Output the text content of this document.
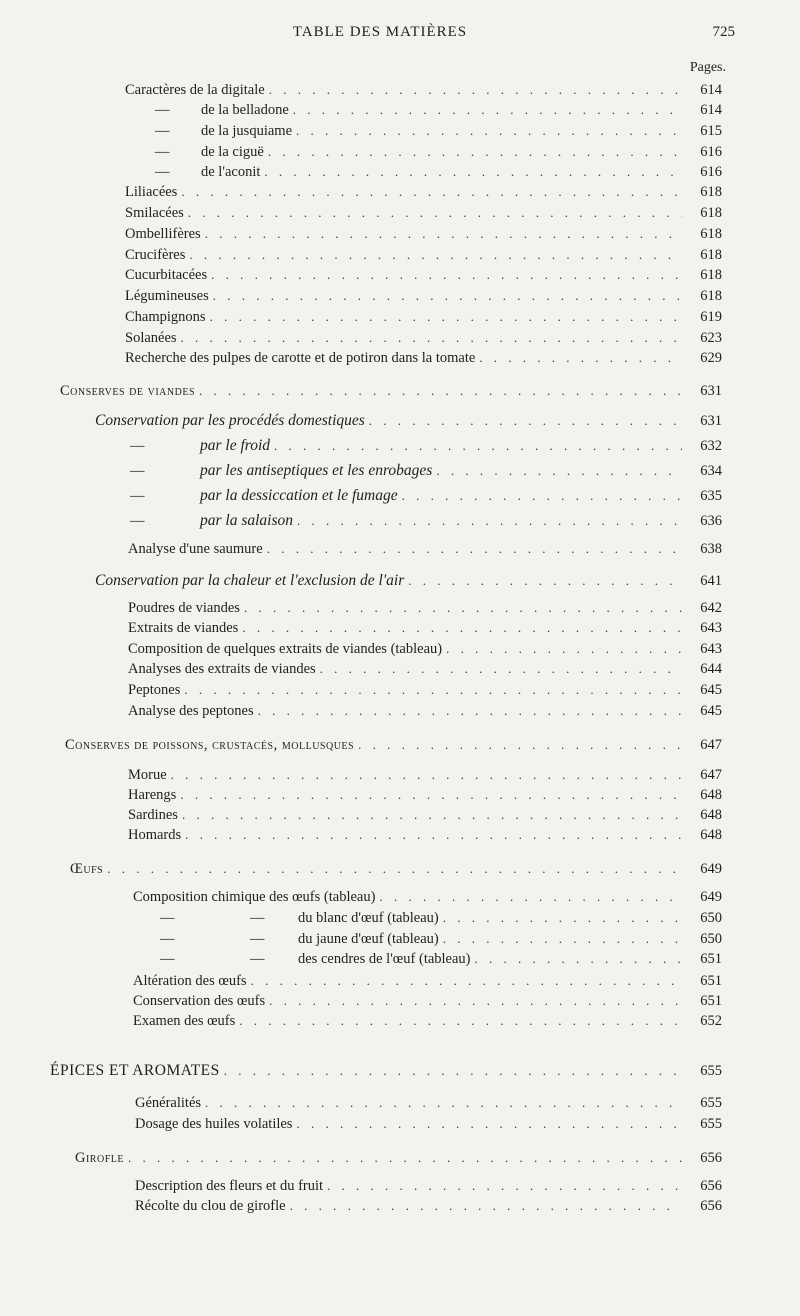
TABLE DES MATIÈRES	725
Pages.
Caractères de la digitale . . .	614
—	de la belladone . . .	614
—	de la jusquiame . . .	615
—	de la ciguë . . .	616
—	de l'aconit . . .	616
Liliacées . . .	618
Smilacées . . .	618
Ombellifères . . .	618
Crucifères . . .	618
Cucurbitacées . . .	618
Légumineuses . . .	618
Champignons . . .	619
Solanées . . .	623
Recherche des pulpes de carotte et de potiron dans la tomate . . .	629
Conserves de viandes . . .	631
Conservation par les procédés domestiques . . .	631
—	par le froid . . .	632
—	par les antiseptiques et les enrobages . . .	634
—	par la dessiccation et le fumage . . .	635
—	par la salaison . . .	636
Analyse d'une saumure . . .	638
Conservation par la chaleur et l'exclusion de l'air . . .	641
Poudres de viandes . . .	642
Extraits de viandes . . .	643
Composition de quelques extraits de viandes (tableau) . . .	643
Analyses des extraits de viandes . . .	644
Peptones . . .	645
Analyse des peptones . . .	645
Conserves de poissons, crustacés, mollusques . . .	647
Morue . . .	647
Harengs . . .	648
Sardines . . .	648
Homards . . .	648
Œufs . . .	649
Composition chimique des œufs (tableau) . . .	649
—	—	du blanc d'œuf (tableau) . . .	650
—	—	du jaune d'œuf (tableau) . . .	650
—	—	des cendres de l'œuf (tableau) . . .	651
Altération des œufs . . .	651
Conservation des œufs . . .	651
Examen des œufs . . .	652
ÉPICES ET AROMATES . . .	655
Généralités . . .	655
Dosage des huiles volatiles . . .	655
Girofle . . .	656
Description des fleurs et du fruit . . .	656
Récolte du clou de girofle . . .	656
